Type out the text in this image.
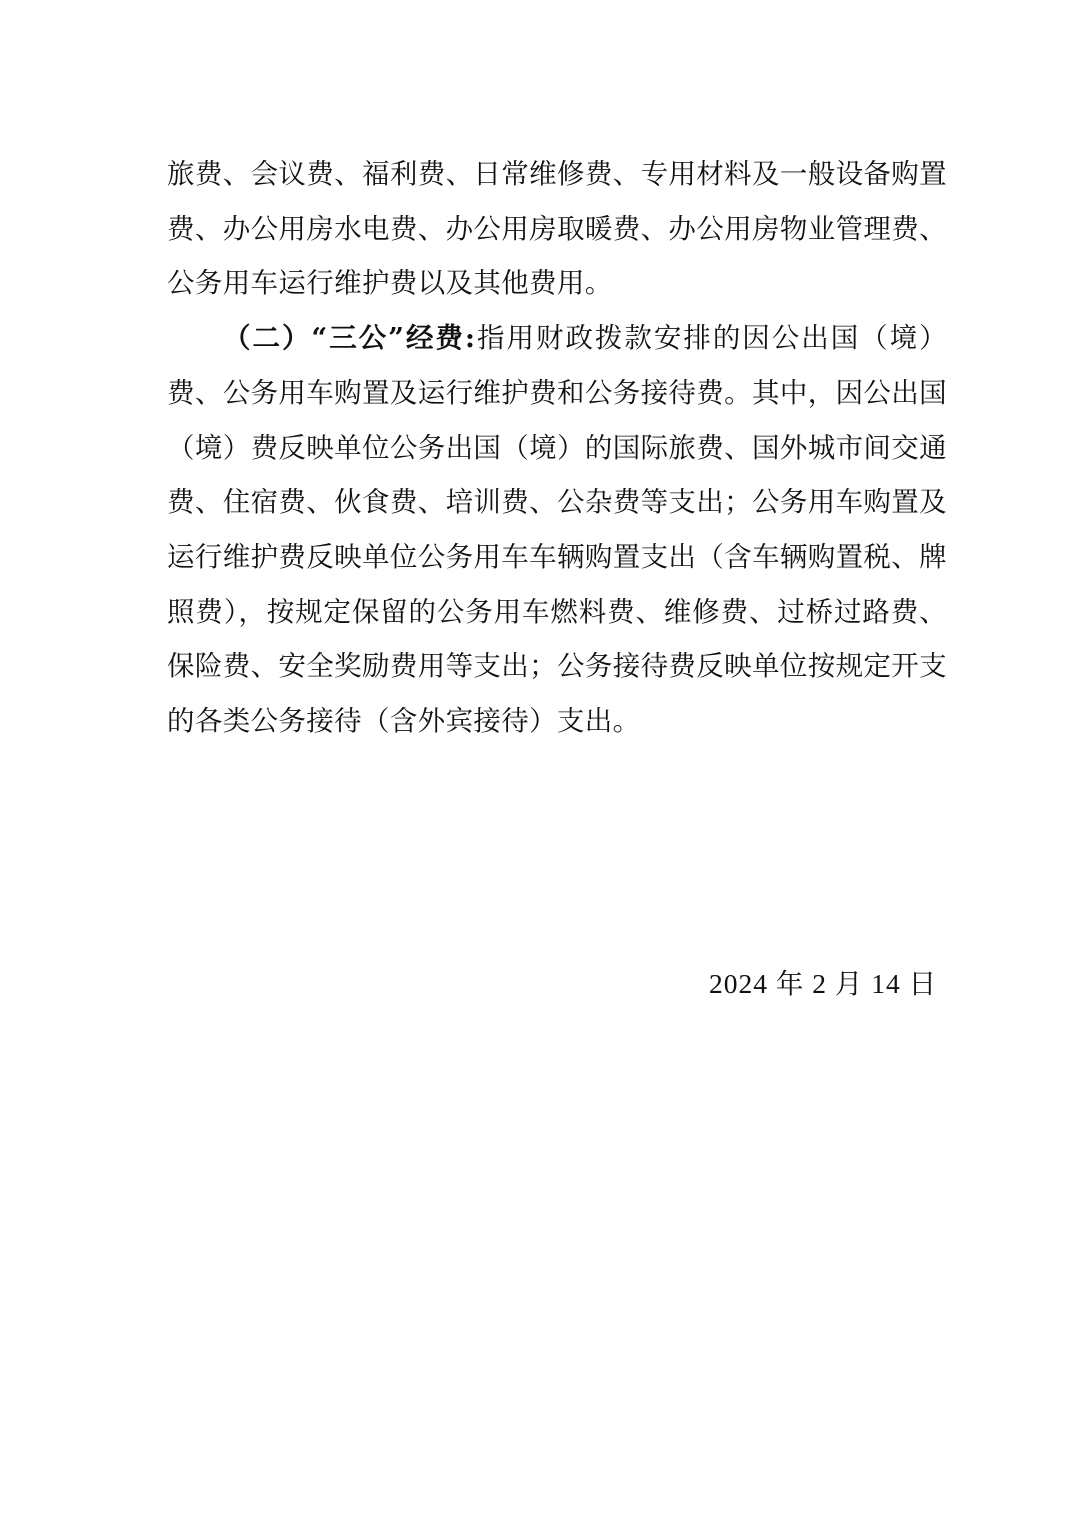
旅费、会议费、福利费、日常维修费、专用材料及一般设备购置费、办公用房水电费、办公用房取暖费、办公用房物业管理费、公务用车运行维护费以及其他费用。

（二）“三公”经费:指用财政拨款安排的因公出国（境）费、公务用车购置及运行维护费和公务接待费。其中，因公出国（境）费反映单位公务出国（境）的国际旅费、国外城市间交通费、住宿费、伙食费、培训费、公杂费等支出；公务用车购置及运行维护费反映单位公务用车车辆购置支出（含车辆购置税、牌照费），按规定保留的公务用车燃料费、维修费、过桥过路费、保险费、安全奖励费用等支出；公务接待费反映单位按规定开支的各类公务接待（含外宾接待）支出。

2024 年 2 月 14 日
